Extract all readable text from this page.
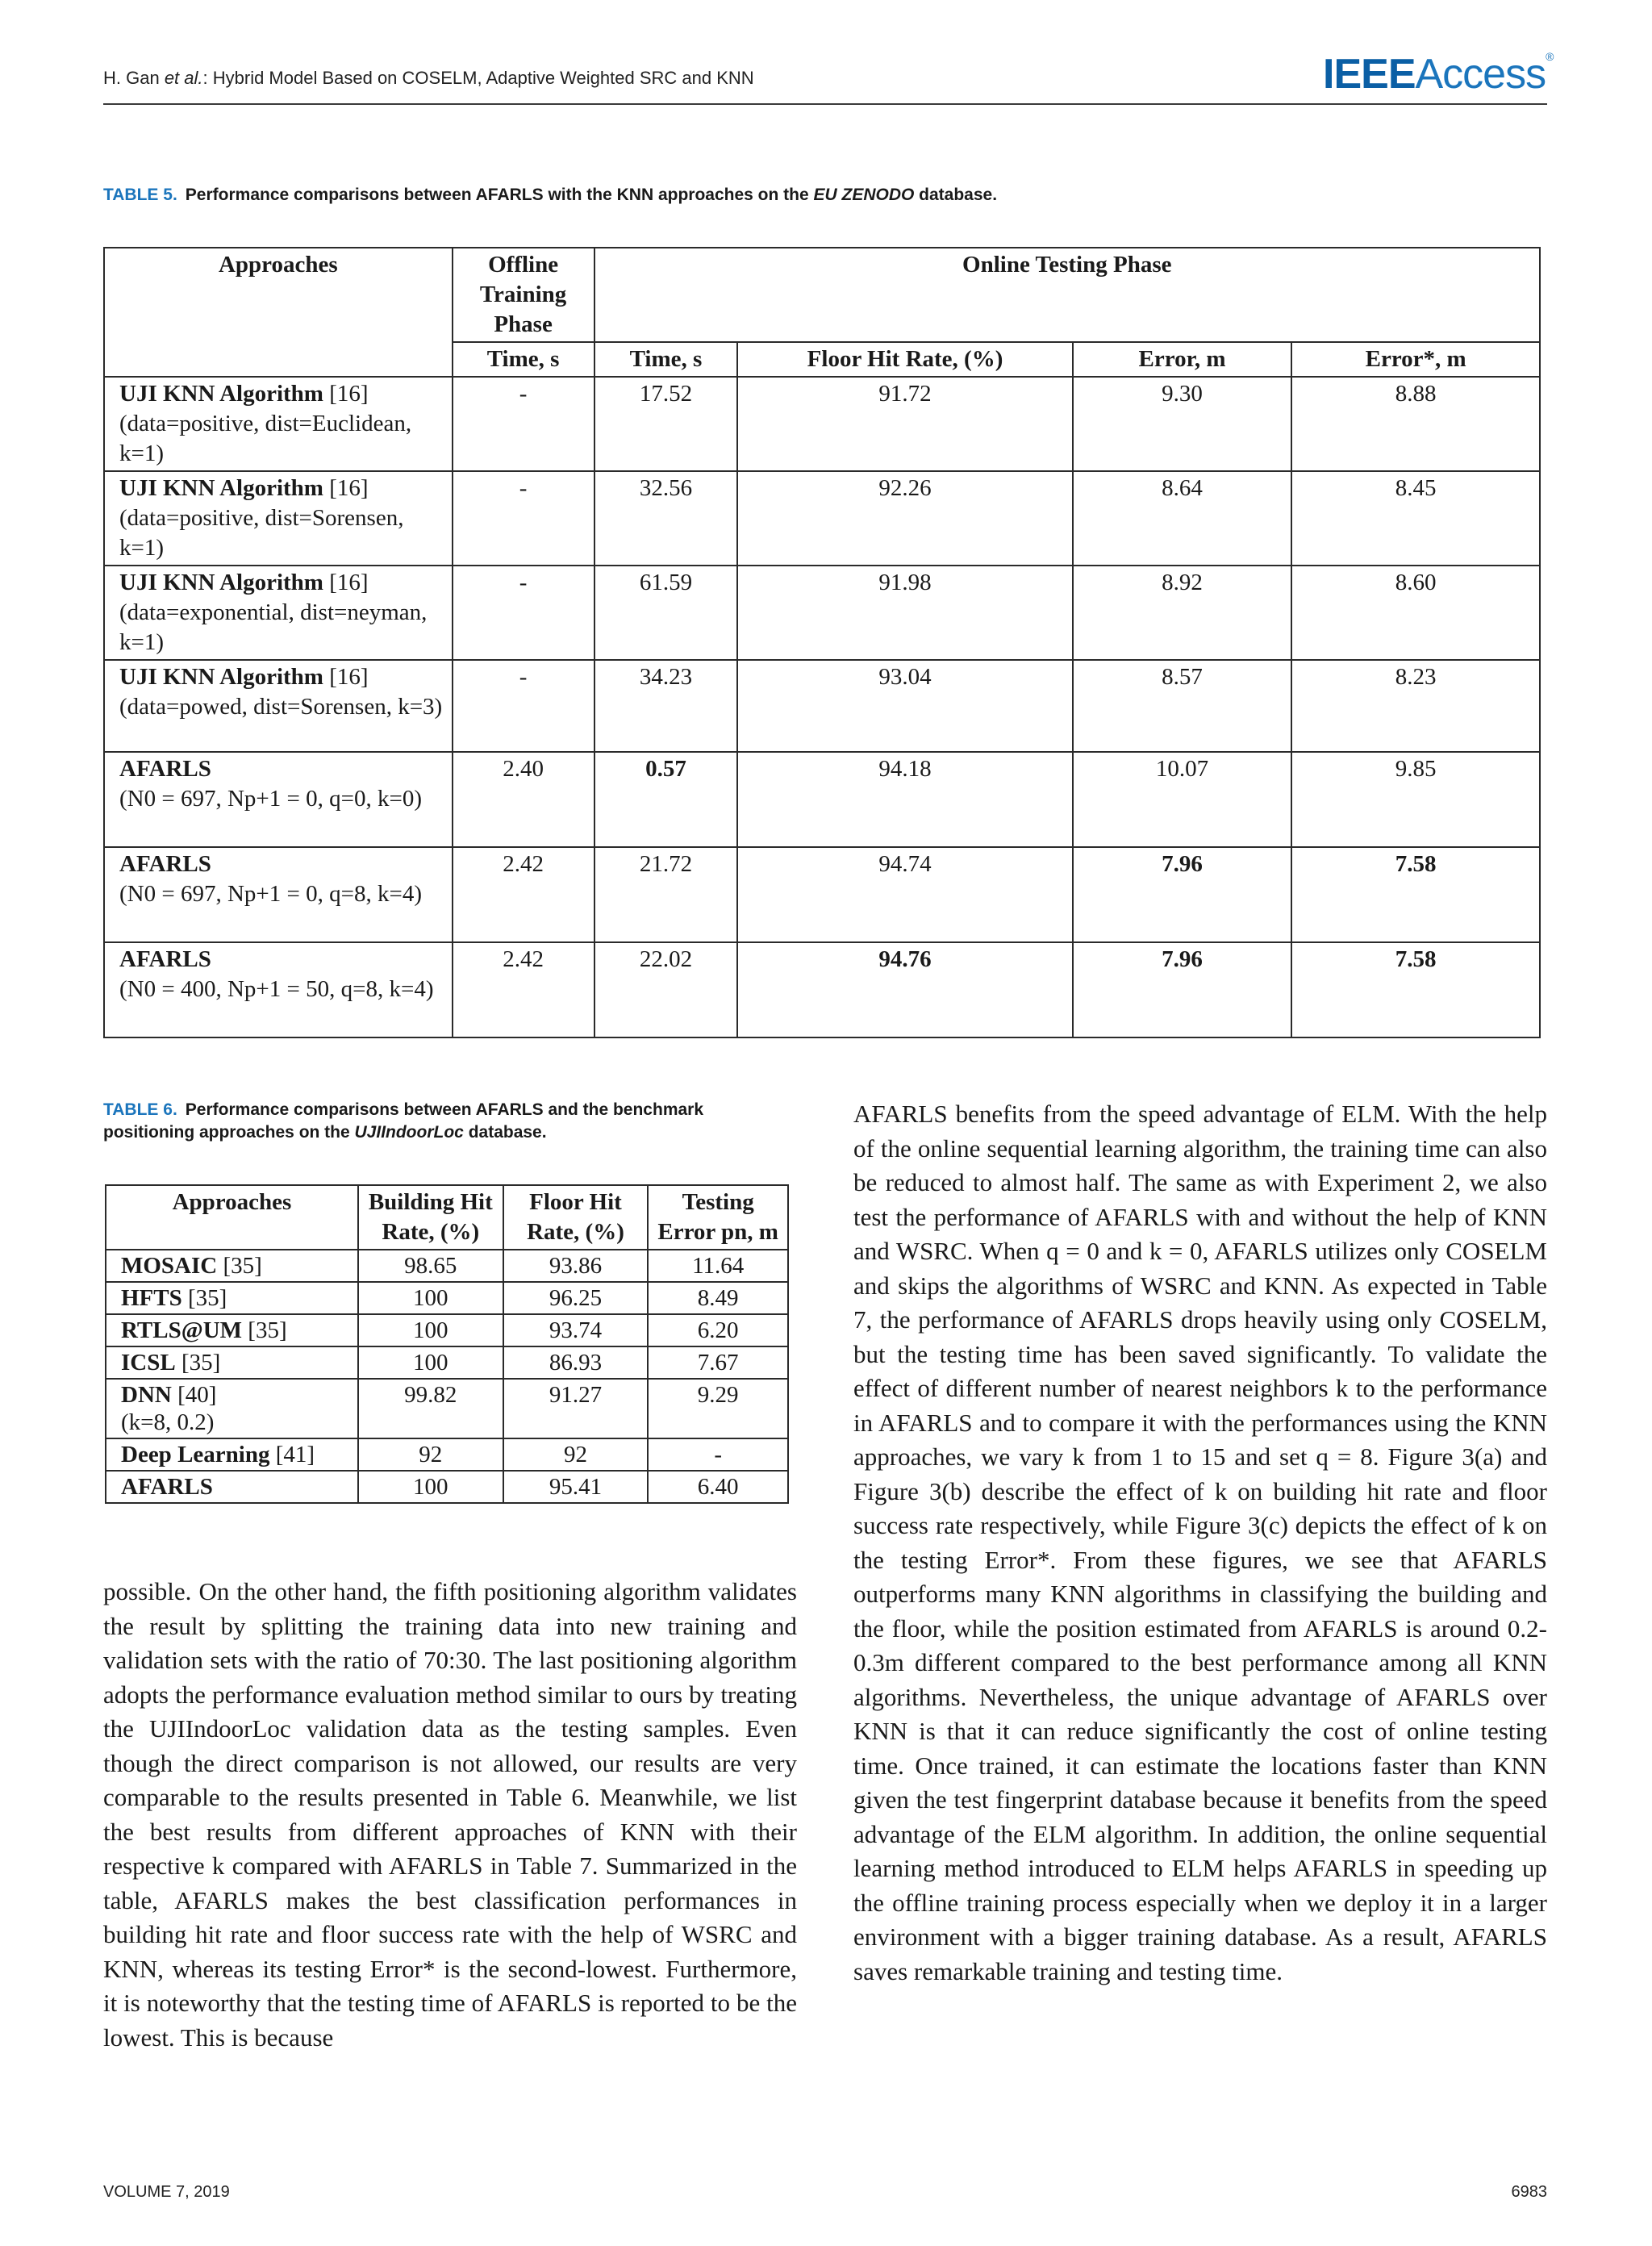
H. Gan et al.: Hybrid Model Based on COSELM, Adaptive Weighted SRC and KNN	IEEEAccess®
TABLE 5. Performance comparisons between AFARLS with the KNN approaches on the EU ZENODO database.
Approaches	Offline Training Phase	Online Testing Phase			
	Time, s	Time, s	Floor Hit Rate, (%)	Error, m	Error*, m
UJI KNN Algorithm [16]
(data=positive, dist=Euclidean, k=1)	-	17.52	91.72	9.30	8.88
UJI KNN Algorithm [16]
(data=positive, dist=Sorensen, k=1)	-	32.56	92.26	8.64	8.45
UJI KNN Algorithm [16]
(data=exponential, dist=neyman, k=1)	-	61.59	91.98	8.92	8.60
UJI KNN Algorithm [16]
(data=powed, dist=Sorensen, k=3)	-	34.23	93.04	8.57	8.23
AFARLS
(N0 = 697, Np+1 = 0, q=0, k=0)	2.40	0.57	94.18	10.07	9.85
AFARLS
(N0 = 697, Np+1 = 0, q=8, k=4)	2.42	21.72	94.74	7.96	7.58
AFARLS
(N0 = 400, Np+1 = 50, q=8, k=4)	2.42	22.02	94.76	7.96	7.58
TABLE 6. Performance comparisons between AFARLS and the benchmark
positioning approaches on the UJIIndoorLoc database.
Approaches	Building Hit Rate, (%)	Floor Hit Rate, (%)	Testing Error pn, m
MOSAIC [35]	98.65	93.86	11.64
HFTS [35]	100	96.25	8.49
RTLS@UM [35]	100	93.74	6.20
ICSL [35]	100	86.93	7.67
DNN [40]
(k=8, 0.2)	99.82	91.27	9.29
Deep Learning [41]	92	92	-
AFARLS	100	95.41	6.40
possible. On the other hand, the fifth positioning algorithm validates the result by splitting the training data into new training and validation sets with the ratio of 70:30. The last positioning algorithm adopts the performance evaluation method similar to ours by treating the UJIIndoorLoc validation data as the testing samples. Even though the direct comparison is not allowed, our results are very comparable to the results presented in Table 6. Meanwhile, we list the best results from different approaches of KNN with their respective k compared with AFARLS in Table 7. Summarized in the table, AFARLS makes the best classification performances in building hit rate and floor success rate with the help of WSRC and KNN, whereas its testing Error* is the second-lowest. Furthermore, it is noteworthy that the testing time of AFARLS is reported to be the lowest. This is because
AFARLS benefits from the speed advantage of ELM. With the help of the online sequential learning algorithm, the training time can also be reduced to almost half. The same as with Experiment 2, we also test the performance of AFARLS with and without the help of KNN and WSRC. When q = 0 and k = 0, AFARLS utilizes only COSELM and skips the algorithms of WSRC and KNN. As expected in Table 7, the performance of AFARLS drops heavily using only COSELM, but the testing time has been saved significantly. To validate the effect of different number of nearest neighbors k to the performance in AFARLS and to compare it with the performances using the KNN approaches, we vary k from 1 to 15 and set q = 8. Figure 3(a) and Figure 3(b) describe the effect of k on building hit rate and floor success rate respectively, while Figure 3(c) depicts the effect of k on the testing Error*. From these figures, we see that AFARLS outperforms many KNN algorithms in classifying the building and the floor, while the position estimated from AFARLS is around 0.2-0.3m different compared to the best performance among all KNN algorithms. Nevertheless, the unique advantage of AFARLS over KNN is that it can reduce significantly the cost of online testing time. Once trained, it can estimate the locations faster than KNN given the test fingerprint database because it benefits from the speed advantage of the ELM algorithm. In addition, the online sequential learning method introduced to ELM helps AFARLS in speeding up the offline training process especially when we deploy it in a larger environment with a bigger training database. As a result, AFARLS saves remarkable training and testing time.
VOLUME 7, 2019	6983
